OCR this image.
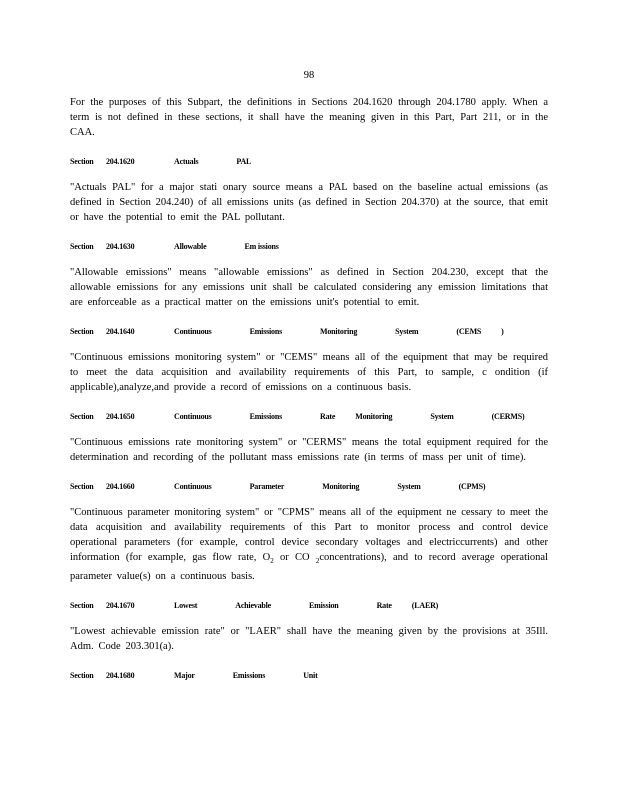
98

For the purposes of this Subpart, the definitions in Sections 204.1620 through 204.1780 apply. When a term is not defined in these sections, it shall have the meaning given in this Part, Part 211, or in the CAA.

Section 204.1620	Actuals	PAL

"Actuals PAL" for a major stati onary source means a PAL based on the baseline actual emissions (as defined in Section 204.240) of all emissions units (as defined in Section 204.370) at the source, that emit or have the potential to emit the PAL pollutant.

Section 204.1630	Allowable	Em issions

"Allowable emissions" means "allowable emissions" as defined in Section 204.230, except that the allowable emissions for any emissions unit shall be calculated considering any emission limitations that are enforceable as a practical matter on the emissions unit's potential to emit.

Section 204.1640	Continuous	Emissions	Monitoring	System	(CEMS	)

"Continuous emissions monitoring system" or "CEMS" means all of the equipment that may be required to meet the data acquisition and availability requirements of this Part, to sample, c ondition (if applicable),analyze,and provide a record of emissions on a continuous basis.

Section 204.1650	Continuous	Emissions	Rate	Monitoring	System	(CERMS)

"Continuous emissions rate monitoring system" or "CERMS" means the total equipment required for the determination and recording of the pollutant mass emissions rate (in terms of mass per unit of time).

Section 204.1660	Continuous	Parameter	Monitoring	System	(CPMS)

"Continuous parameter monitoring system" or "CPMS" means all of the equipment ne cessary to meet the data acquisition and availability requirements of this Part to monitor process and control device operational parameters (for example, control device secondary voltages and electriccurrents) and other information (for example, gas flow rate, $O_2$ or CO $_2$concentrations), and to record average operational parameter value(s) on a continuous basis.

Section 204.1670	Lowest	Achievable	Emission	Rate	(LAER)

"Lowest achievable emission rate" or "LAER" shall have the meaning given by the provisions at 35Ill. Adm. Code 203.301(a).

Section 204.1680	Major	Emissions	Unit
